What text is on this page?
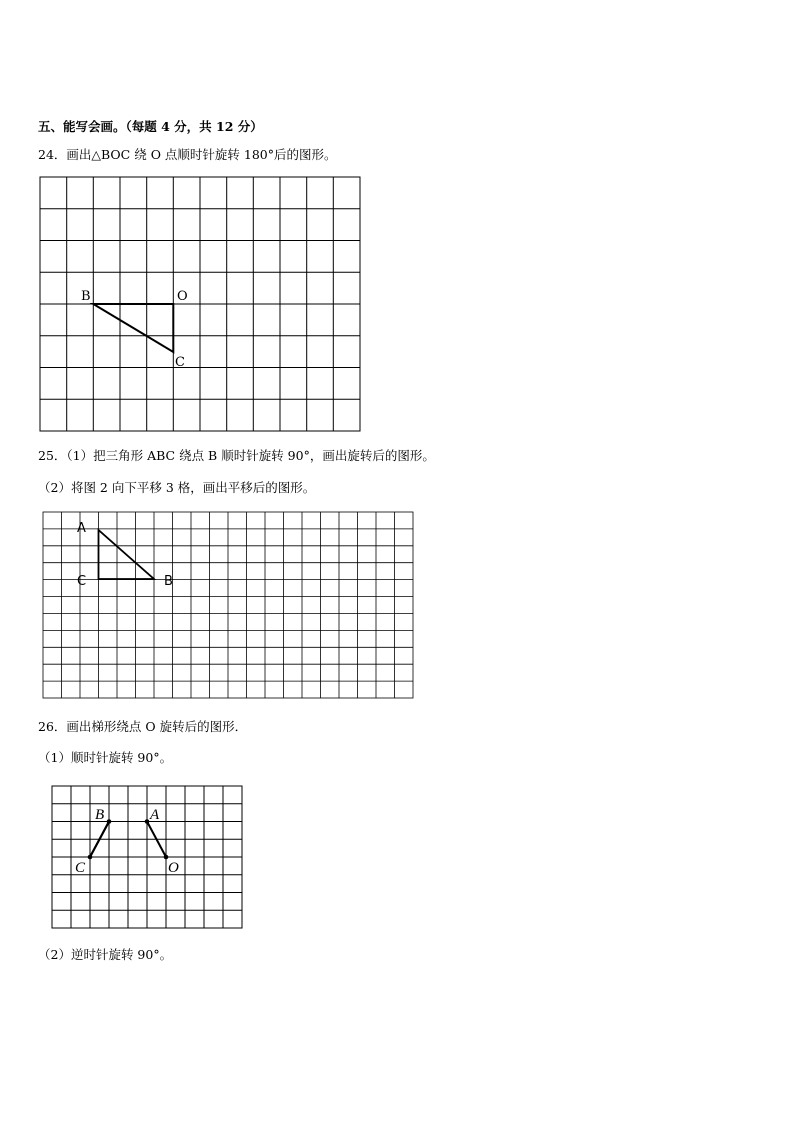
五、能写会画。（每题 4 分，共 12 分）
24．画出△BOC 绕 O 点顺时针旋转 180°后的图形。
B	O
C
25．（1）把三角形 ABC 绕点 B 顺时针旋转 90°，画出旋转后的图形。
（2）将图 2 向下平移 3 格，画出平移后的图形。
A
C	B
26．画出梯形绕点 O 旋转后的图形．
（1）顺时针旋转 90°。
B	A
C	O
（2）逆时针旋转 90°。
